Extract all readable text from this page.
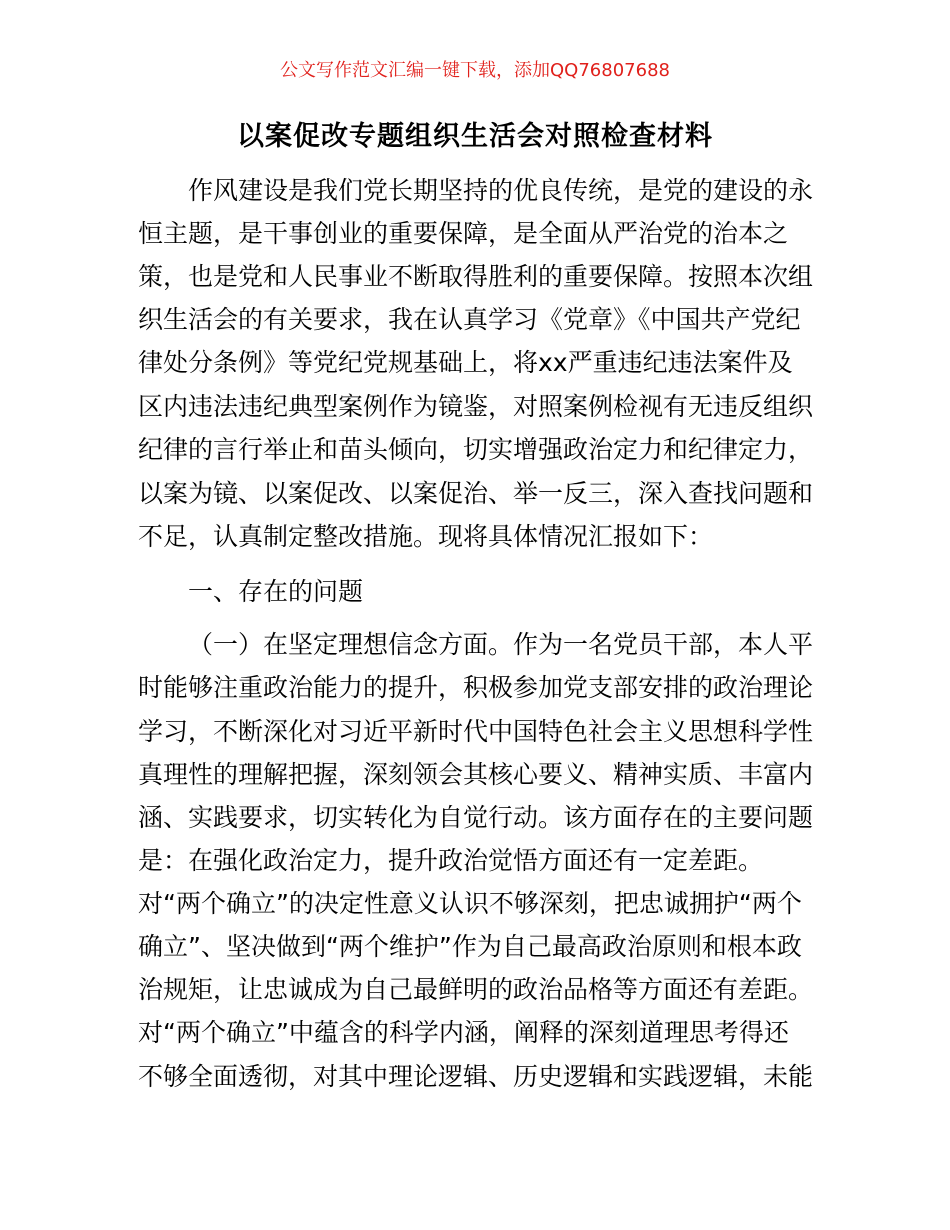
公文写作范文汇编一键下载，添加QQ76807688
以案促改专题组织生活会对照检查材料
作风建设是我们党长期坚持的优良传统，是党的建设的永
恒主题，是干事创业的重要保障，是全面从严治党的治本之
策，也是党和人民事业不断取得胜利的重要保障。按照本次组
织生活会的有关要求，我在认真学习《党章》《中国共产党纪
律处分条例》等党纪党规基础上，将xx严重违纪违法案件及
区内违法违纪典型案例作为镜鉴，对照案例检视有无违反组织
纪律的言行举止和苗头倾向，切实增强政治定力和纪律定力，
以案为镜、以案促改、以案促治、举一反三，深入查找问题和
不足，认真制定整改措施。现将具体情况汇报如下：
一、存在的问题
（一）在坚定理想信念方面。作为一名党员干部，本人平
时能够注重政治能力的提升，积极参加党支部安排的政治理论
学习，不断深化对习近平新时代中国特色社会主义思想科学性
真理性的理解把握，深刻领会其核心要义、精神实质、丰富内
涵、实践要求，切实转化为自觉行动。该方面存在的主要问题
是：在强化政治定力，提升政治觉悟方面还有一定差距。
对“两个确立”的决定性意义认识不够深刻，把忠诚拥护“两个
确立”、坚决做到“两个维护”作为自己最高政治原则和根本政
治规矩，让忠诚成为自己最鲜明的政治品格等方面还有差距。
对“两个确立”中蕴含的科学内涵，阐释的深刻道理思考得还
不够全面透彻，对其中理论逻辑、历史逻辑和实践逻辑，未能
